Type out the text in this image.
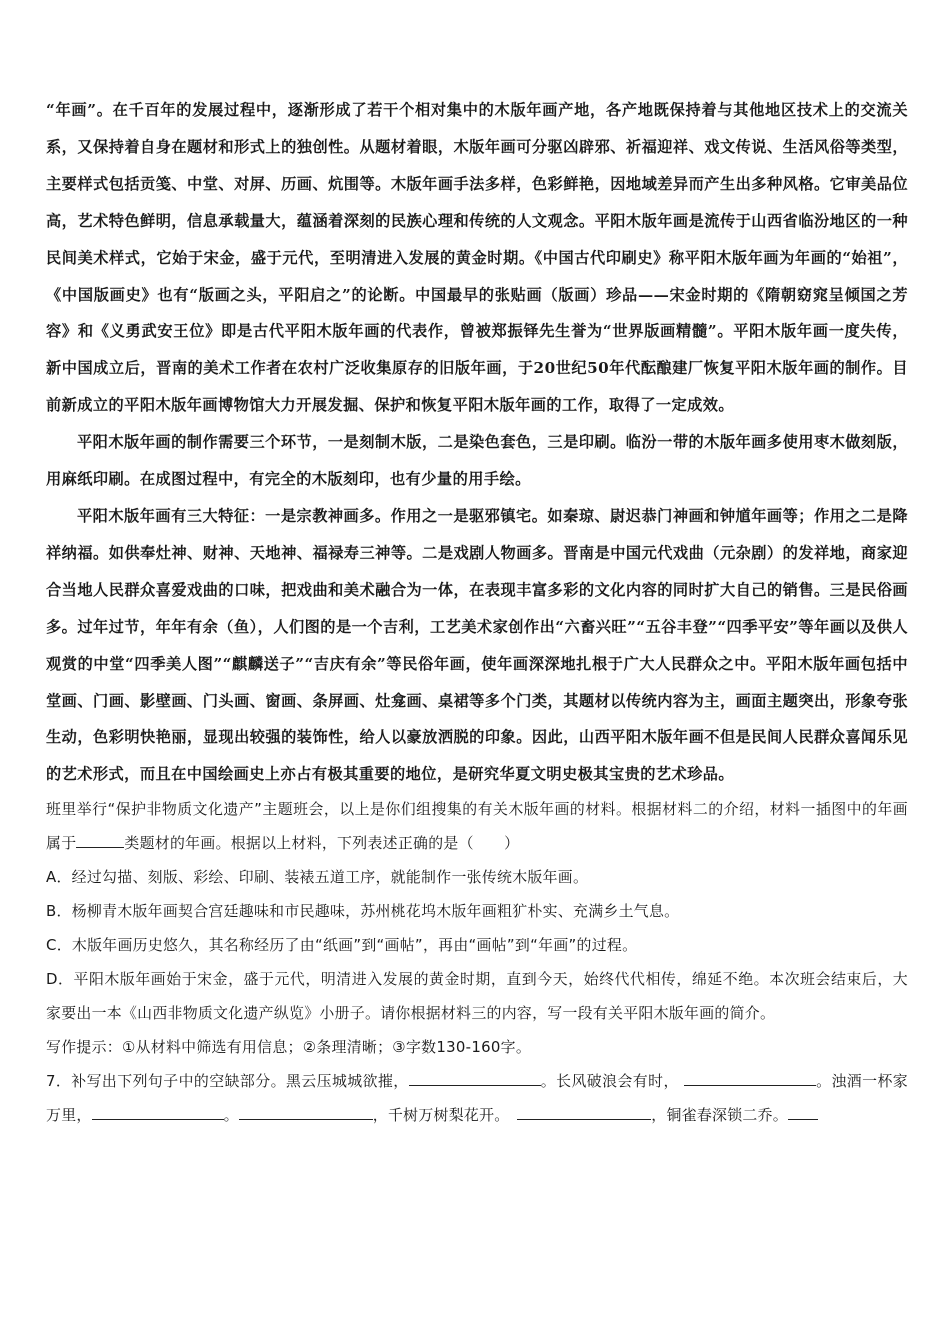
“年画”。在千百年的发展过程中，逐渐形成了若干个相对集中的木版年画产地，各产地既保持着与其他地区技术上的交流关系，又保持着自身在题材和形式上的独创性。从题材着眼，木版年画可分驱凶辟邪、祈福迎祥、戏文传说、生活风俗等类型，主要样式包括贡笺、中堂、对屏、历画、炕围等。木版年画手法多样，色彩鲜艳，因地域差异而产生出多种风格。它审美品位高，艺术特色鲜明，信息承载量大，蕴涵着深刻的民族心理和传统的人文观念。平阳木版年画是流传于山西省临汾地区的一种民间美术样式，它始于宋金，盛于元代，至明清进入发展的黄金时期。《中国古代印刷史》称平阳木版年画为年画的“始祖”，《中国版画史》也有“版画之头，平阳启之”的论断。中国最早的张贴画（版画）珍品——宋金时期的《隋朝窈窕呈倾国之芳容》和《义勇武安王位》即是古代平阳木版年画的代表作，曾被郑振铎先生誉为“世界版画精髓”。平阳木版年画一度失传，新中国成立后，晋南的美术工作者在农村广泛收集原存的旧版年画，于20世纪50年代酝酿建厂恢复平阳木版年画的制作。目前新成立的平阳木版年画博物馆大力开展发掘、保护和恢复平阳木版年画的工作，取得了一定成效。

平阳木版年画的制作需要三个环节，一是刻制木版，二是染色套色，三是印刷。临汾一带的木版年画多使用枣木做刻版，用麻纸印刷。在成图过程中，有完全的木版刻印，也有少量的用手绘。

平阳木版年画有三大特征：一是宗教神画多。作用之一是驱邪镇宅。如秦琼、尉迟恭门神画和钟馗年画等；作用之二是降祥纳福。如供奉灶神、财神、天地神、福禄寿三神等。二是戏剧人物画多。晋南是中国元代戏曲（元杂剧）的发祥地，商家迎合当地人民群众喜爱戏曲的口味，把戏曲和美术融合为一体，在表现丰富多彩的文化内容的同时扩大自己的销售。三是民俗画多。过年过节，年年有余（鱼），人们图的是一个吉利，工艺美术家创作出“六畜兴旺”“五谷丰登”“四季平安”等年画以及供人观赏的中堂“四季美人图”“麒麟送子”“吉庆有余”等民俗年画，使年画深深地扎根于广大人民群众之中。平阳木版年画包括中堂画、门画、影壁画、门头画、窗画、条屏画、灶龛画、桌裙等多个门类，其题材以传统内容为主，画面主题突出，形象夸张生动，色彩明快艳丽，显现出较强的装饰性，给人以豪放洒脱的印象。因此，山西平阳木版年画不但是民间人民群众喜闻乐见的艺术形式，而且在中国绘画史上亦占有极其重要的地位，是研究华夏文明史极其宝贵的艺术珍品。

班里举行“保护非物质文化遗产”主题班会，以上是你们组搜集的有关木版年画的材料。根据材料二的介绍，材料一插图中的年画属于	类题材的年画。根据以上材料，下列表述正确的是（　　）

A．经过勾描、刻版、彩绘、印刷、装裱五道工序，就能制作一张传统木版年画。

B．杨柳青木版年画契合宫廷趣味和市民趣味，苏州桃花坞木版年画粗犷朴实、充满乡土气息。

C．木版年画历史悠久，其名称经历了由“纸画”到“画帖”，再由“画帖”到“年画”的过程。

D．平阳木版年画始于宋金，盛于元代，明清进入发展的黄金时期，直到今天，始终代代相传，绵延不绝。本次班会结束后，大家要出一本《山西非物质文化遗产纵览》小册子。请你根据材料三的内容，写一段有关平阳木版年画的简介。

写作提示：①从材料中筛选有用信息；②条理清晰；③字数130-160字。

7．补写出下列句子中的空缺部分。黑云压城城欲摧，	。长风破浪会有时，	。浊酒一杯家万里，	。	，千树万树梨花开。　	，铜雀春深锁二乔。
